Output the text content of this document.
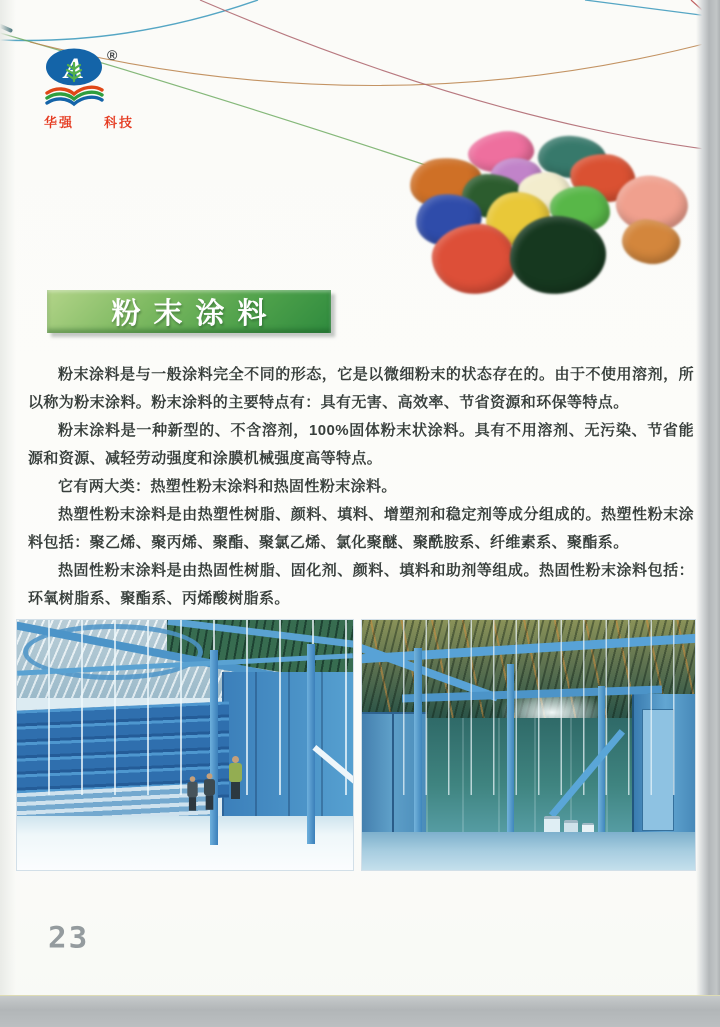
A ®
华强 科技
粉末涂料

粉末涂料是与一般涂料完全不同的形态，它是以微细粉末的状态存在的。由于不使用溶剂，所以称为粉末涂料。粉末涂料的主要特点有：具有无害、高效率、节省资源和环保等特点。

粉末涂料是一种新型的、不含溶剂，100%固体粉末状涂料。具有不用溶剂、无污染、节省能源和资源、减轻劳动强度和涂膜机械强度高等特点。

它有两大类：热塑性粉末涂料和热固性粉末涂料。

热塑性粉末涂料是由热塑性树脂、颜料、填料、增塑剂和稳定剂等成分组成的。热塑性粉末涂料包括：聚乙烯、聚丙烯、聚酯、聚氯乙烯、氯化聚醚、聚酰胺系、纤维素系、聚酯系。

热固性粉末涂料是由热固性树脂、固化剂、颜料、填料和助剂等组成。热固性粉末涂料包括：环氧树脂系、聚酯系、丙烯酸树脂系。

23
